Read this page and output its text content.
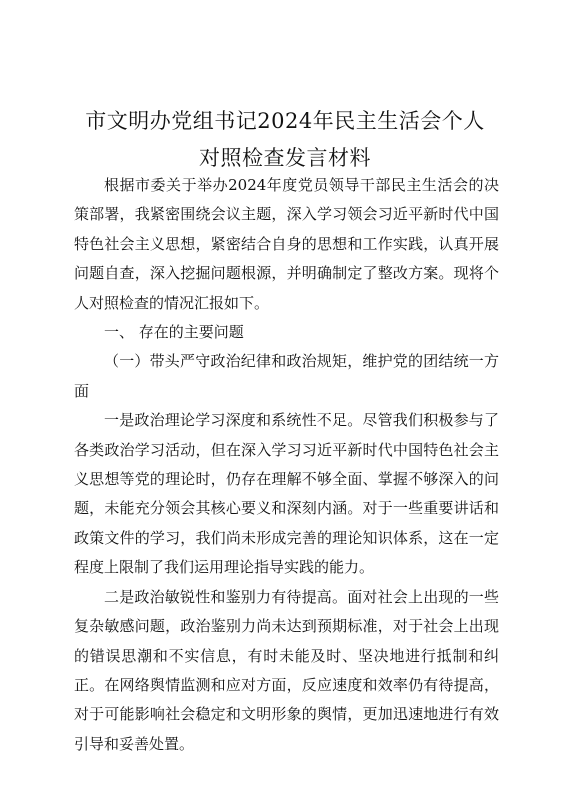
市文明办党组书记2024年民主生活会个人
对照检查发言材料

根据市委关于举办2024年度党员领导干部民主生活会的决策部署，我紧密围绕会议主题，深入学习领会习近平新时代中国特色社会主义思想，紧密结合自身的思想和工作实践，认真开展问题自查，深入挖掘问题根源，并明确制定了整改方案。现将个人对照检查的情况汇报如下。

一、 存在的主要问题

（一）带头严守政治纪律和政治规矩，维护党的团结统一方面

一是政治理论学习深度和系统性不足。尽管我们积极参与了各类政治学习活动，但在深入学习习近平新时代中国特色社会主义思想等党的理论时，仍存在理解不够全面、掌握不够深入的问题，未能充分领会其核心要义和深刻内涵。对于一些重要讲话和政策文件的学习，我们尚未形成完善的理论知识体系，这在一定程度上限制了我们运用理论指导实践的能力。

二是政治敏锐性和鉴别力有待提高。面对社会上出现的一些复杂敏感问题，政治鉴别力尚未达到预期标准，对于社会上出现的错误思潮和不实信息，有时未能及时、坚决地进行抵制和纠正。在网络舆情监测和应对方面，反应速度和效率仍有待提高，对于可能影响社会稳定和文明形象的舆情，更加迅速地进行有效引导和妥善处置。
